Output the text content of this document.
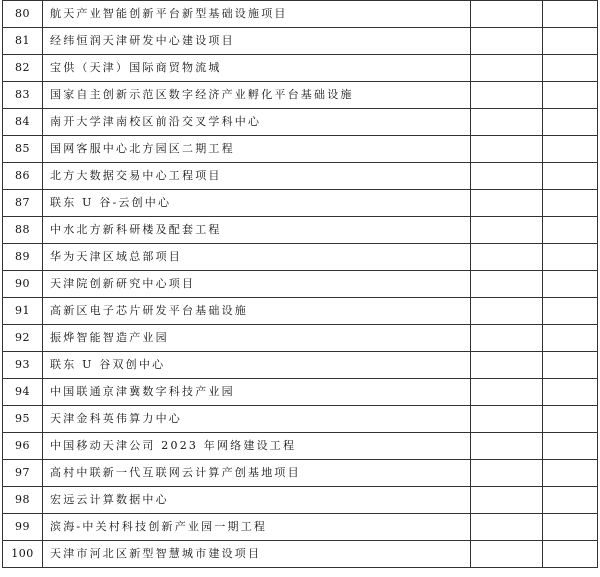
80	航天产业智能创新平台新型基础设施项目		
81	经纬恒润天津研发中心建设项目		
82	宝供（天津）国际商贸物流城		
83	国家自主创新示范区数字经济产业孵化平台基础设施		
84	南开大学津南校区前沿交叉学科中心		
85	国网客服中心北方园区二期工程		
86	北方大数据交易中心工程项目		
87	联东 U 谷-云创中心		
88	中水北方新科研楼及配套工程		
89	华为天津区域总部项目		
90	天津院创新研究中心项目		
91	高新区电子芯片研发平台基础设施		
92	振烨智能智造产业园		
93	联东 U 谷双创中心		
94	中国联通京津冀数字科技产业园		
95	天津金科英伟算力中心		
96	中国移动天津公司 2023 年网络建设工程		
97	高村中联新一代互联网云计算产创基地项目		
98	宏远云计算数据中心		
99	滨海-中关村科技创新产业园一期工程		
100	天津市河北区新型智慧城市建设项目		
